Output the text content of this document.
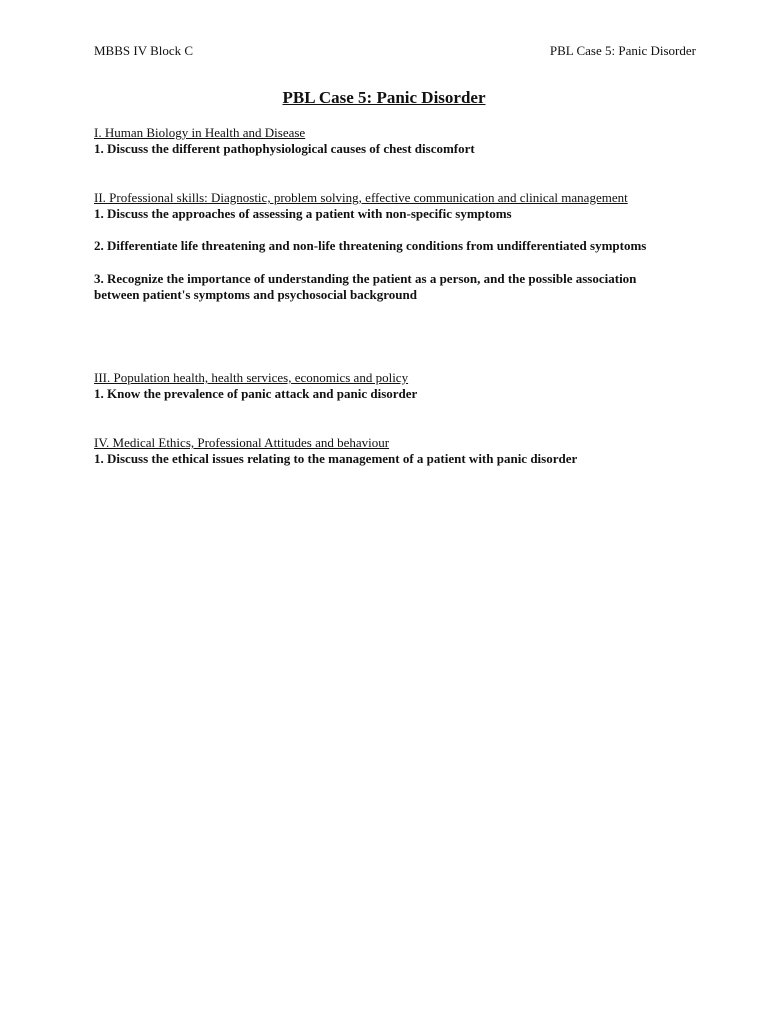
MBBS IV Block C	PBL Case 5: Panic Disorder
PBL Case 5: Panic Disorder
I. Human Biology in Health and Disease
1. Discuss the different pathophysiological causes of chest discomfort
II. Professional skills: Diagnostic, problem solving, effective communication and clinical management
1. Discuss the approaches of assessing a patient with non-specific symptoms
2. Differentiate life threatening and non-life threatening conditions from undifferentiated symptoms
3. Recognize the importance of understanding the patient as a person, and the possible association between patient's symptoms and psychosocial background
III. Population health, health services, economics and policy
1. Know the prevalence of panic attack and panic disorder
IV. Medical Ethics, Professional Attitudes and behaviour
1. Discuss the ethical issues relating to the management of a patient with panic disorder
